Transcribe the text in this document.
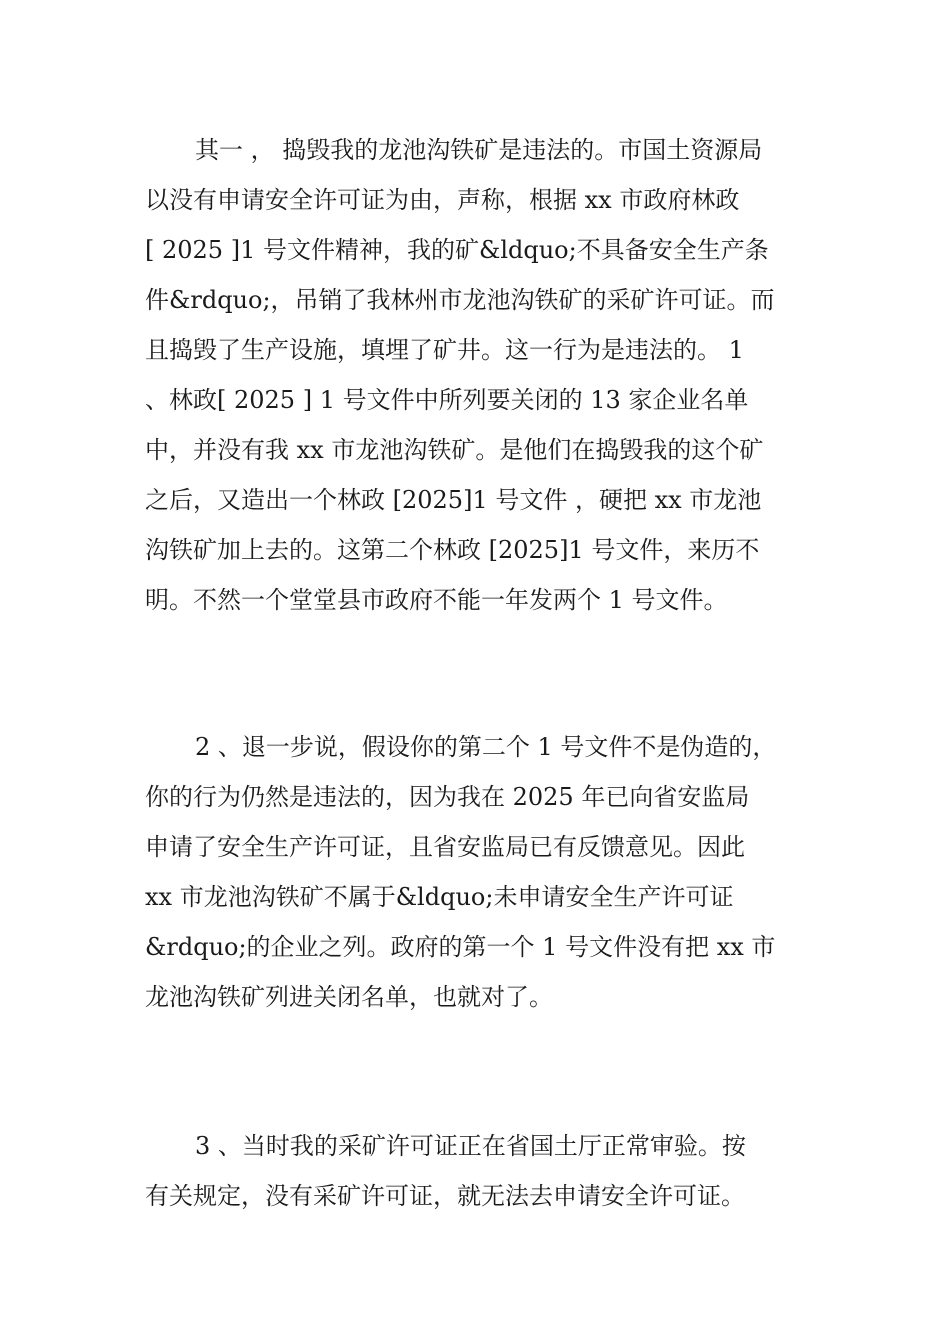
其一 ， 捣毁我的龙池沟铁矿是违法的。市国土资源局
以没有申请安全许可证为由，声称，根据 xx 市政府林政
[ 2025 ]1 号文件精神，我的矿&ldquo;不具备安全生产条
件&rdquo;，吊销了我林州市龙池沟铁矿的采矿许可证。而
且捣毁了生产设施，填埋了矿井。这一行为是违法的。 1
、林政[ 2025 ] 1 号文件中所列要关闭的 13 家企业名单
中，并没有我 xx 市龙池沟铁矿。是他们在捣毁我的这个矿
之后，又造出一个林政 [2025]1 号文件 ，硬把 xx 市龙池
沟铁矿加上去的。这第二个林政 [2025]1 号文件，来历不
明。不然一个堂堂县市政府不能一年发两个 1 号文件。

2 、退一步说，假设你的第二个 1 号文件不是伪造的，
你的行为仍然是违法的，因为我在 2025 年已向省安监局
申请了安全生产许可证，且省安监局已有反馈意见。因此
xx 市龙池沟铁矿不属于&ldquo;未申请安全生产许可证
&rdquo;的企业之列。政府的第一个 1 号文件没有把 xx 市
龙池沟铁矿列进关闭名单，也就对了。

3 、当时我的采矿许可证正在省国土厅正常审验。按
有关规定，没有采矿许可证，就无法去申请安全许可证。
